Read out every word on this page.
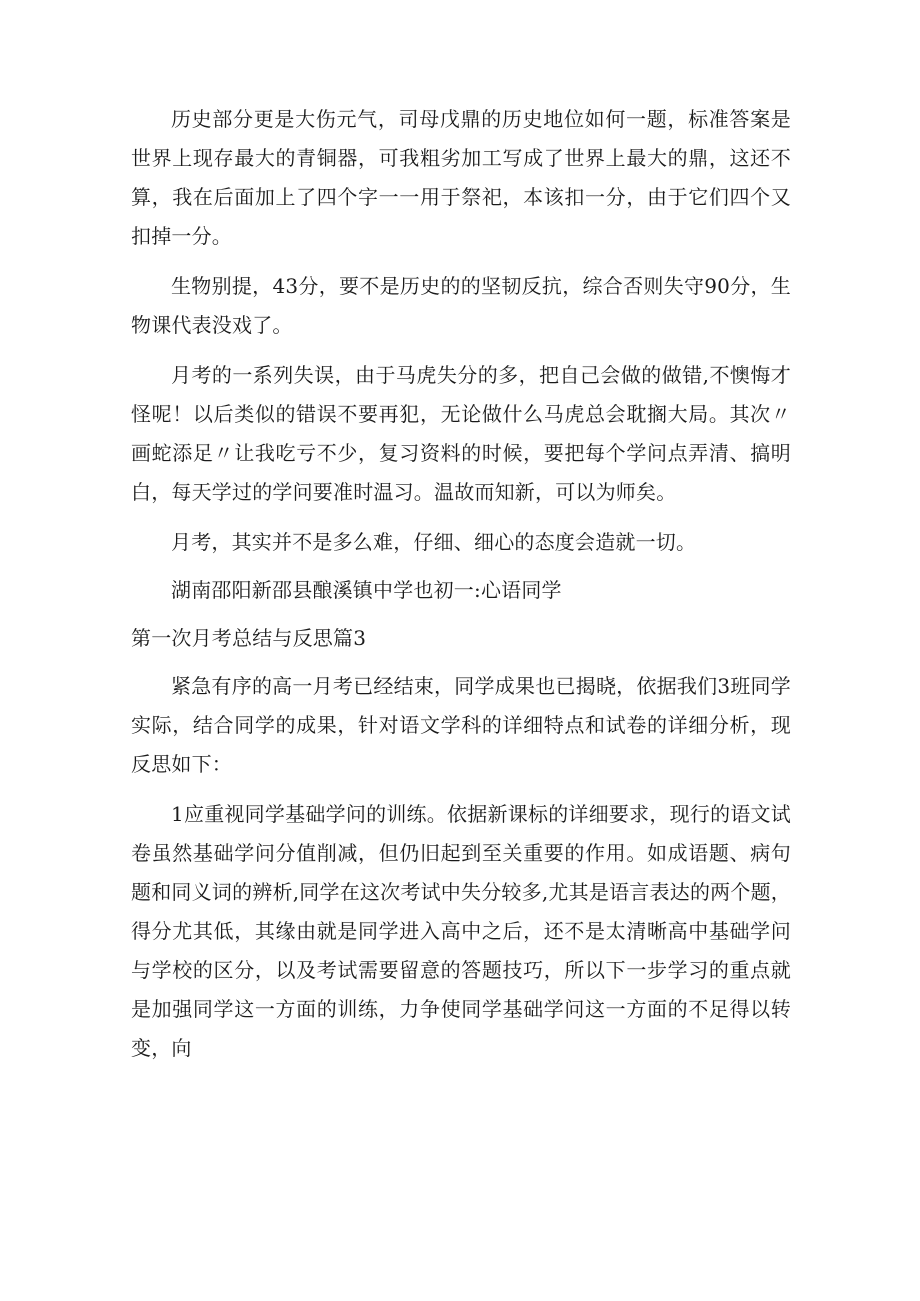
历史部分更是大伤元气，司母戊鼎的历史地位如何一题，标准答案是世界上现存最大的青铜器，可我粗劣加工写成了世界上最大的鼎，这还不算，我在后面加上了四个字一一用于祭祀，本该扣一分，由于它们四个又扣掉一分。

生物别提，43分，要不是历史的的坚韧反抗，综合否则失守90分，生物课代表没戏了。

月考的一系列失误，由于马虎失分的多，把自己会做的做错,不懊悔才怪呢！以后类似的错误不要再犯，无论做什么马虎总会耽搁大局。其次〃画蛇添足〃让我吃亏不少，复习资料的时候，要把每个学问点弄清、搞明白，每天学过的学问要准时温习。温故而知新，可以为师矣。

月考，其实并不是多么难，仔细、细心的态度会造就一切。

湖南邵阳新邵县酿溪镇中学也初一:心语同学

第一次月考总结与反思篇3

紧急有序的高一月考已经结束，同学成果也已揭晓，依据我们3班同学实际，结合同学的成果，针对语文学科的详细特点和试卷的详细分析，现反思如下：

1应重视同学基础学问的训练。依据新课标的详细要求，现行的语文试卷虽然基础学问分值削减，但仍旧起到至关重要的作用。如成语题、病句题和同义词的辨析,同学在这次考试中失分较多,尤其是语言表达的两个题，得分尤其低，其缘由就是同学进入高中之后，还不是太清晰高中基础学问与学校的区分，以及考试需要留意的答题技巧，所以下一步学习的重点就是加强同学这一方面的训练，力争使同学基础学问这一方面的不足得以转变，向
